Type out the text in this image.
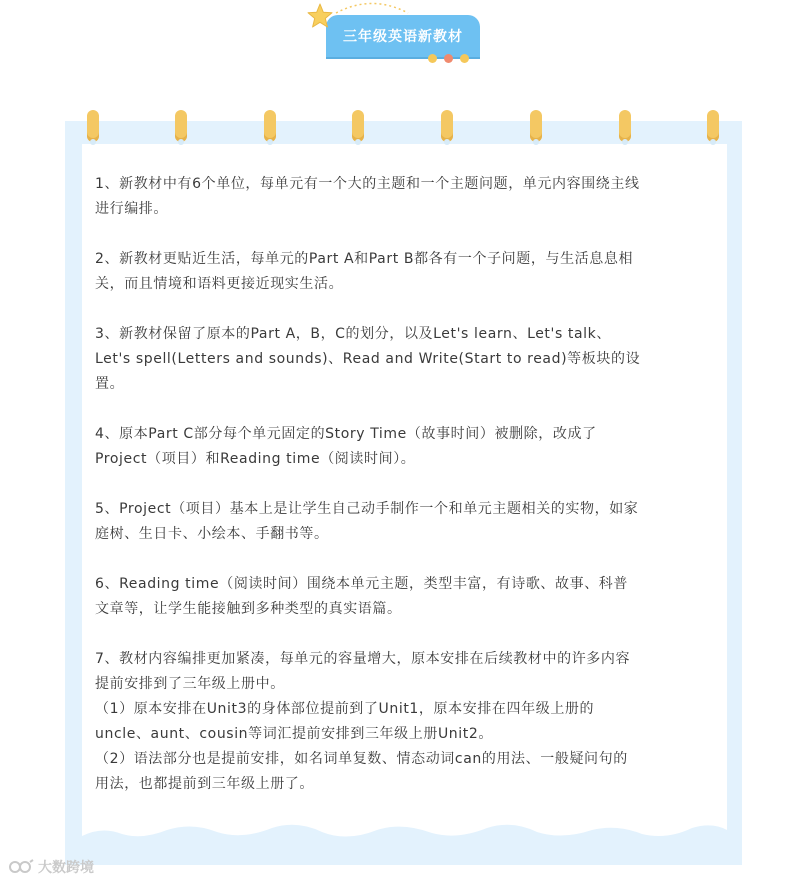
三年级英语新教材

1、新教材中有6个单位，每单元有一个大的主题和一个主题问题，单元内容围绕主线
进行编排。

2、新教材更贴近生活，每单元的Part A和Part B都各有一个子问题，与生活息息相
关，而且情境和语料更接近现实生活。

3、新教材保留了原本的Part A，B，C的划分，以及Let's learn、Let's talk、
Let's spell(Letters and sounds)、Read and Write(Start to read)等板块的设
置。

4、原本Part C部分每个单元固定的Story Time（故事时间）被删除，改成了
Project（项目）和Reading time（阅读时间）。

5、Project（项目）基本上是让学生自己动手制作一个和单元主题相关的实物，如家
庭树、生日卡、小绘本、手翻书等。

6、Reading time（阅读时间）围绕本单元主题，类型丰富，有诗歌、故事、科普
文章等，让学生能接触到多种类型的真实语篇。

7、教材内容编排更加紧凑，每单元的容量增大，原本安排在后续教材中的许多内容
提前安排到了三年级上册中。
（1）原本安排在Unit3的身体部位提前到了Unit1，原本安排在四年级上册的
uncle、aunt、cousin等词汇提前安排到三年级上册Unit2。
（2）语法部分也是提前安排，如名词单复数、情态动词can的用法、一般疑问句的
用法，也都提前到三年级上册了。

大数跨境
